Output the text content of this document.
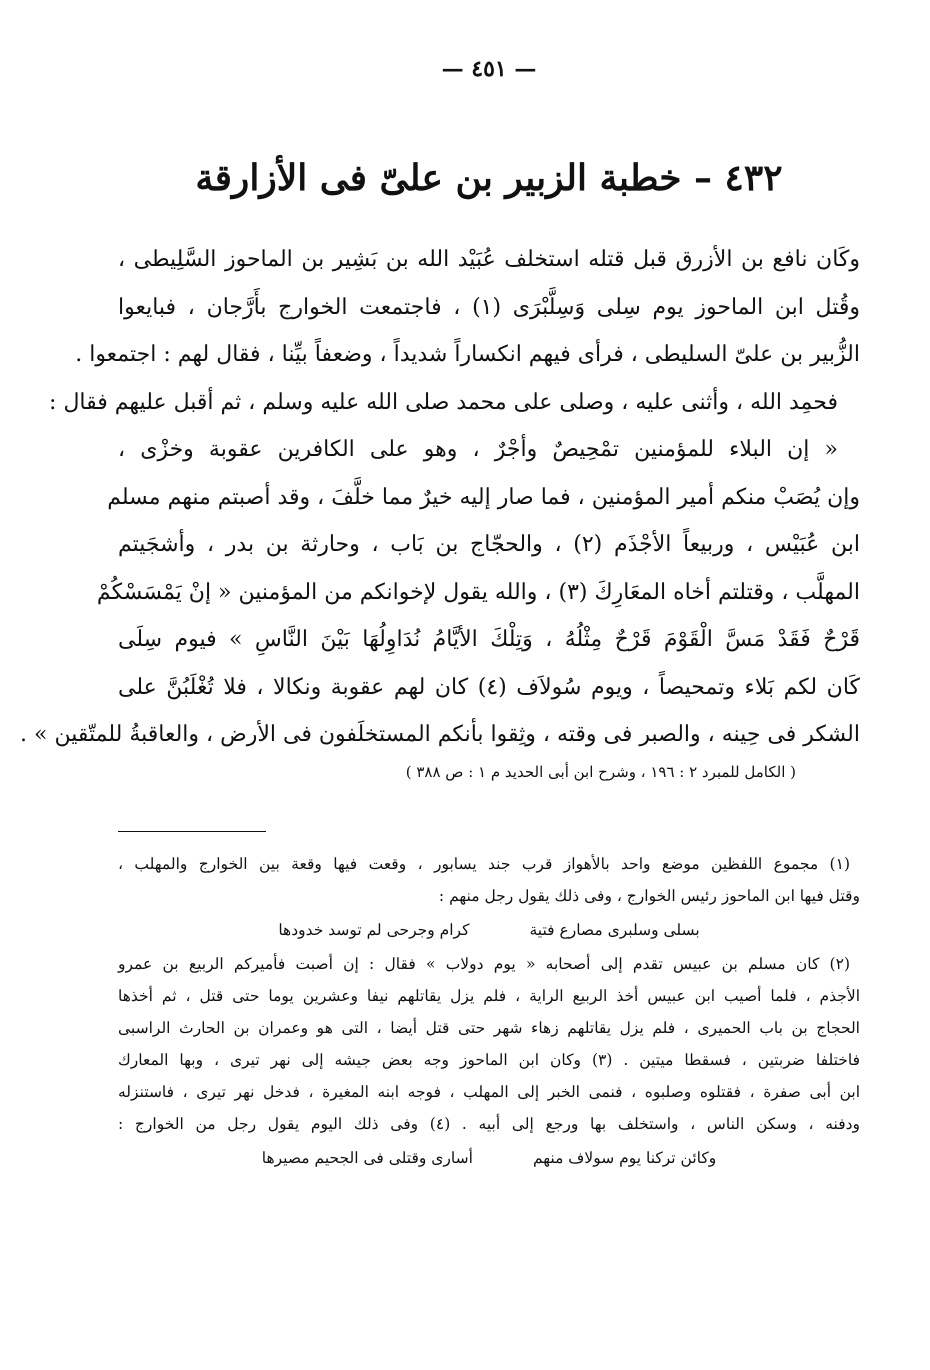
— ٤٥١ —
٤٣٢ – خطبة الزبير بن علىّ فى الأزارقة
وكَان نافع بن الأزرق قبل قتله استخلف عُبَيْد الله بن بَشِير بن الماحوز السَّلِيطى ،
وقُتل ابن الماحوز يوم سِلى وَسِلَّبْرَى (١) ، فاجتمعت الخوارج بأَرَّجان ، فبايعوا
الزُّبير بن علىّ السليطى ، فرأى فيهم انكساراً شديداً ، وضعفاً بيِّنا ، فقال لهم : اجتمعوا .
فحمِد الله ، وأثنى عليه ، وصلى على محمد صلى الله عليه وسلم ، ثم أقبل عليهم فقال :
« إن البلاء للمؤمنين تمْحِيصٌ وأجْرٌ ، وهو على الكافرين عقوبة وخزْى ،
وإن يُصَبْ منكم أمير المؤمنين ، فما صار إليه خيرٌ مما خلَّفَ ، وقد أصبتم منهم مسلم
ابن عُبَيْس ، وربيعاً الأجْذَم (٢) ، والحجّاج بن بَاب ، وحارثة بن بدر ، وأشجَيتم
المهلَّب ، وقتلتم أخاه المعَارِكَ (٣) ، والله يقول لإخوانكم من المؤمنين « إنْ يَمْسَسْكُمْ
قَرْحٌ فَقَدْ مَسَّ الْقَوْمَ قَرْحٌ مِثْلُهُ ، وَتِلْكَ الأيَّامُ نُدَاوِلُهَا بَيْنَ النَّاسِ » فيوم سِلَى
كَان لكم بَلاء وتمحيصاً ، ويوم سُولاَف (٤) كان لهم عقوبة ونكالا ، فلا تُغْلَبُنَّ على
الشكر فى حِينه ، والصبر فى وقته ، وثِقوا بأنكم المستخلَفون فى الأرض ، والعاقبةُ للمتّقين » .
( الكامل للمبرد ٢ : ١٩٦ ، وشرح ابن أبى الحديد م ١ : ص ٣٨٨ )
(١) مجموع اللفظين موضع واحد بالأهواز قرب جند يسابور ، وقعت فيها وقعة بين الخوارج والمهلب ،
وقتل فيها ابن الماحوز رئيس الخوارج ، وفى ذلك يقول رجل منهم :
بسلى وسلبرى مصارع فتية
كرام وجرحى لم توسد خدودها
(٢) كان مسلم بن عبيس تقدم إلى أصحابه « يوم دولاب » فقال : إن أصبت فأميركم الربيع بن عمرو
الأجذم ، فلما أصيب ابن عبيس أخذ الربيع الراية ، فلم يزل يقاتلهم نيفا وعشرين يوما حتى قتل ، ثم أخذها
الحجاج بن باب الحميرى ، فلم يزل يقاتلهم زهاء شهر حتى قتل أيضا ، التى هو وعمران بن الحارث الراسبى
فاختلفا ضربتين ، فسقطا ميتين . (٣) وكان ابن الماحوز وجه بعض جيشه إلى نهر تيرى ، وبها المعارك
ابن أبى صفرة ، فقتلوه وصلبوه ، فنمى الخبر إلى المهلب ، فوجه ابنه المغيرة ، فدخل نهر تيرى ، فاستنزله
ودفنه ، وسكن الناس ، واستخلف بها ورجع إلى أبيه . (٤) وفى ذلك اليوم يقول رجل من الخوارج :
وكائن تركنا يوم سولاف منهم
أسارى وقتلى فى الجحيم مصيرها
